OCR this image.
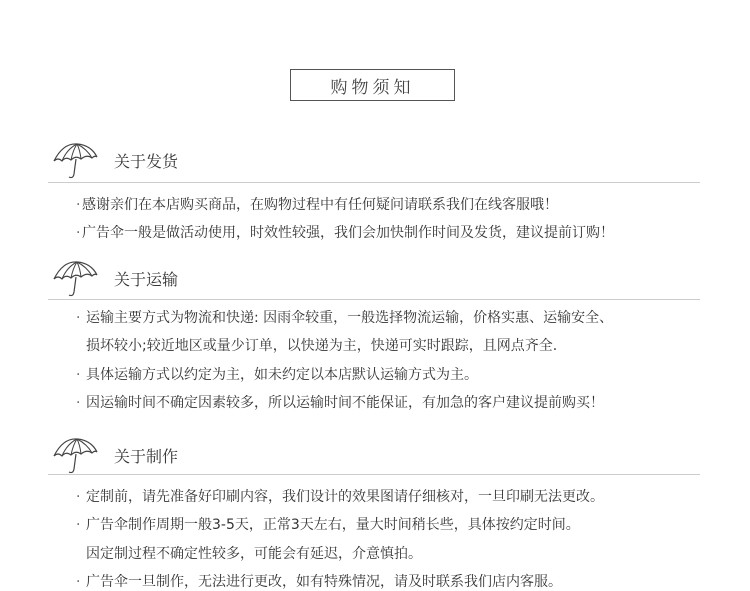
购物须知
关于发货
· 感谢亲们在本店购买商品，在购物过程中有任何疑问请联系我们在线客服哦！
· 广告伞一般是做活动使用，时效性较强，我们会加快制作时间及发货，建议提前订购！
关于运输
· 运输主要方式为物流和快递: 因雨伞较重，一般选择物流运输，价格实惠、运输安全、
损坏较小;较近地区或量少订单，以快递为主，快递可实时跟踪，且网点齐全.
· 具体运输方式以约定为主，如未约定以本店默认运输方式为主。
· 因运输时间不确定因素较多，所以运输时间不能保证，有加急的客户建议提前购买！
关于制作
· 定制前，请先准备好印刷内容，我们设计的效果图请仔细核对，一旦印刷无法更改。
· 广告伞制作周期一般3-5天，正常3天左右，量大时间稍长些，具体按约定时间。
因定制过程不确定性较多，可能会有延迟，介意慎拍。
· 广告伞一旦制作，无法进行更改，如有特殊情况，请及时联系我们店内客服。
